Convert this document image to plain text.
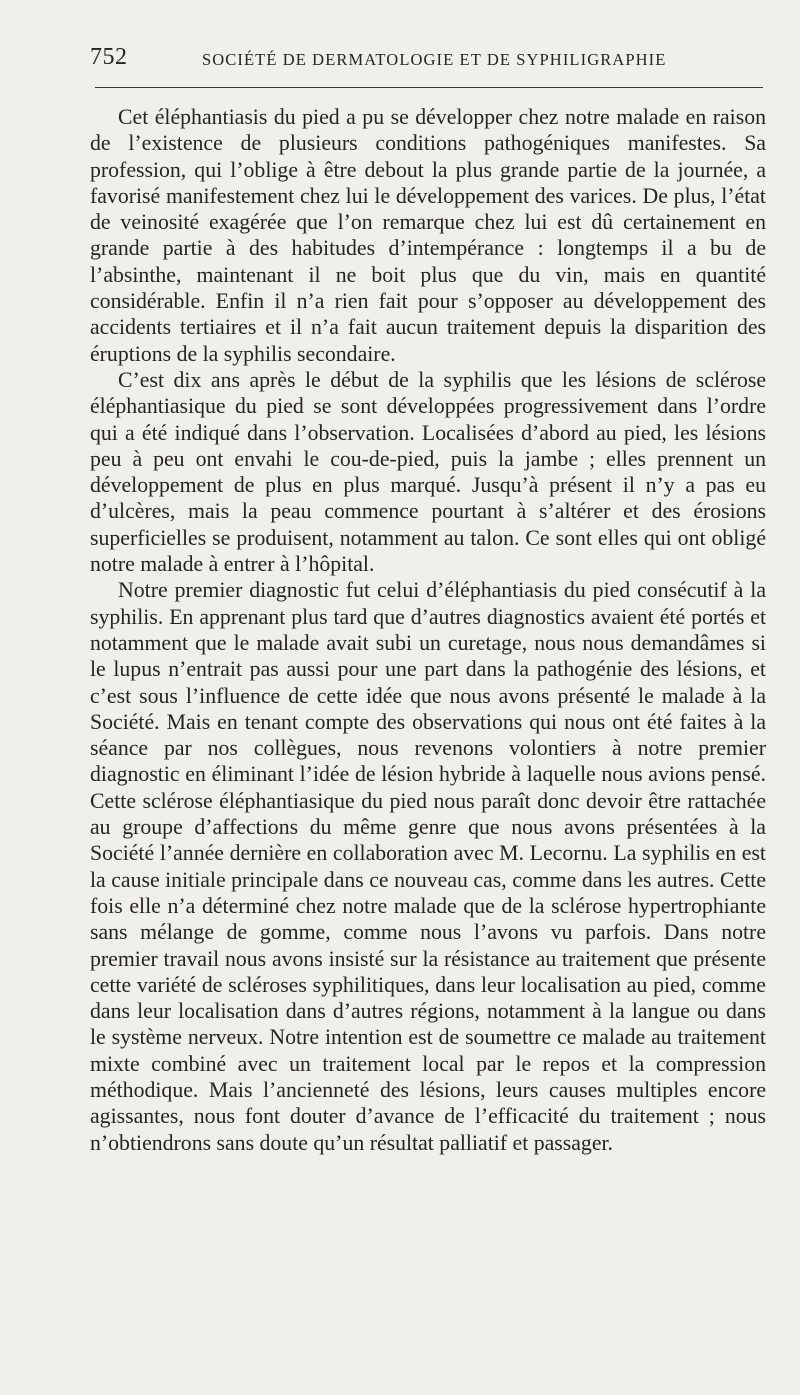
752	SOCIÉTÉ DE DERMATOLOGIE ET DE SYPHILIGRAPHIE

Cet éléphantiasis du pied a pu se développer chez notre malade en raison de l’existence de plusieurs conditions pathogéniques manifestes. Sa profession, qui l’oblige à être debout la plus grande partie de la journée, a favorisé manifestement chez lui le développement des varices. De plus, l’état de veinosité exagérée que l’on remarque chez lui est dû certainement en grande partie à des habitudes d’intempérance : longtemps il a bu de l’absinthe, maintenant il ne boit plus que du vin, mais en quantité considérable. Enfin il n’a rien fait pour s’opposer au développement des accidents tertiaires et il n’a fait aucun traitement depuis la disparition des éruptions de la syphilis secondaire.

C’est dix ans après le début de la syphilis que les lésions de sclérose éléphantiasique du pied se sont développées progressivement dans l’ordre qui a été indiqué dans l’observation. Localisées d’abord au pied, les lésions peu à peu ont envahi le cou-de-pied, puis la jambe ; elles prennent un développement de plus en plus marqué. Jusqu’à présent il n’y a pas eu d’ulcères, mais la peau commence pourtant à s’altérer et des érosions superficielles se produisent, notamment au talon. Ce sont elles qui ont obligé notre malade à entrer à l’hôpital.

Notre premier diagnostic fut celui d’éléphantiasis du pied consécutif à la syphilis. En apprenant plus tard que d’autres diagnostics avaient été portés et notamment que le malade avait subi un curetage, nous nous demandâmes si le lupus n’entrait pas aussi pour une part dans la pathogénie des lésions, et c’est sous l’influence de cette idée que nous avons présenté le malade à la Société. Mais en tenant compte des observations qui nous ont été faites à la séance par nos collègues, nous revenons volontiers à notre premier diagnostic en éliminant l’idée de lésion hybride à laquelle nous avions pensé. Cette sclérose éléphantiasique du pied nous paraît donc devoir être rattachée au groupe d’affections du même genre que nous avons présentées à la Société l’année dernière en collaboration avec M. Lecornu. La syphilis en est la cause initiale principale dans ce nouveau cas, comme dans les autres. Cette fois elle n’a déterminé chez notre malade que de la sclérose hypertrophiante sans mélange de gomme, comme nous l’avons vu parfois. Dans notre premier travail nous avons insisté sur la résistance au traitement que présente cette variété de scléroses syphilitiques, dans leur localisation au pied, comme dans leur localisation dans d’autres régions, notamment à la langue ou dans le système nerveux. Notre intention est de soumettre ce malade au traitement mixte combiné avec un traitement local par le repos et la compression méthodique. Mais l’ancienneté des lésions, leurs causes multiples encore agissantes, nous font douter d’avance de l’efficacité du traitement ; nous n’obtiendrons sans doute qu’un résultat palliatif et passager.
